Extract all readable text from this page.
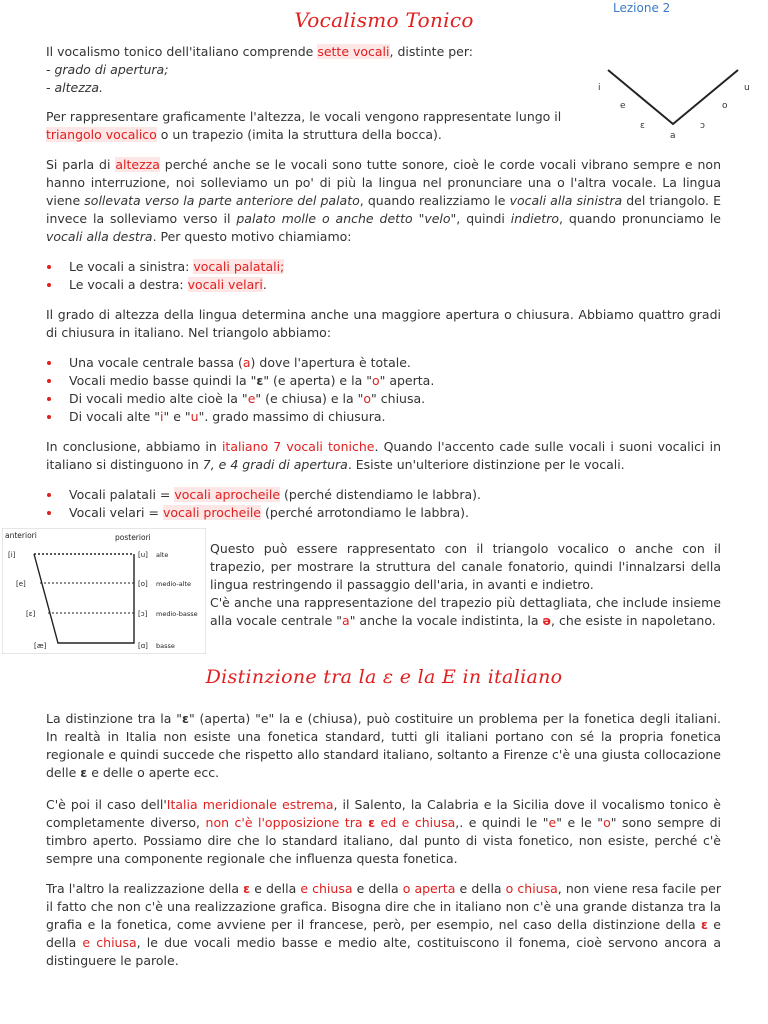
Lezione 2
Vocalismo Tonico
Il vocalismo tonico dell'italiano comprende sette vocali, distinte per:
- grado di apertura;
- altezza.	i
e
ɛ
a
ɔ
o
u
Per rappresentare graficamente l'altezza, le vocali vengono rappresentate lungo il triangolo vocalico o un trapezio (imita la struttura della bocca).
Si parla di altezza perché anche se le vocali sono tutte sonore, cioè le corde vocali vibrano sempre e non hanno interruzione, noi solleviamo un po' di più la lingua nel pronunciare una o l'altra vocale. La lingua viene sollevata verso la parte anteriore del palato, quando realizziamo le vocali alla sinistra del triangolo. E invece la solleviamo verso il palato molle o anche detto "velo", quindi indietro, quando pronunciamo le vocali alla destra. Per questo motivo chiamiamo:
Le vocali a sinistra: vocali palatali;
Le vocali a destra: vocali velari.
Il grado di altezza della lingua determina anche una maggiore apertura o chiusura. Abbiamo quattro gradi di chiusura in italiano. Nel triangolo abbiamo:
Una vocale centrale bassa (a) dove l'apertura è totale.
Vocali medio basse quindi la "ɛ" (e aperta) e la "o" aperta.
Di vocali medio alte cioè la "e" (e chiusa) e la "o" chiusa.
Di vocali alte "i" e "u". grado massimo di chiusura.
In conclusione, abbiamo in italiano 7 vocali toniche. Quando l'accento cade sulle vocali i suoni vocalici in italiano si distinguono in 7, e 4 gradi di apertura. Esiste un'ulteriore distinzione per le vocali.
Vocali palatali = vocali aprocheile (perché distendiamo le labbra).
Vocali velari = vocali procheile (perché arrotondiamo le labbra).
anteriori	posteriori
[i]
[e]
[ɛ]
[æ]
[u]
[o]
[ɔ]
[ɑ]
alte
medio-alte
medio-basse
basse
Questo può essere rappresentato con il triangolo vocalico o anche con il trapezio, per mostrare la struttura del canale fonatorio, quindi l'innalzarsi della lingua restringendo il passaggio dell'aria, in avanti e indietro.
C'è anche una rappresentazione del trapezio più dettagliata, che include insieme alla vocale centrale "a" anche la vocale indistinta, la ə, che esiste in napoletano.
Distinzione tra la ɛ e la E in italiano
La distinzione tra la "ɛ" (aperta) "e" la e (chiusa), può costituire un problema per la fonetica degli italiani. In realtà in Italia non esiste una fonetica standard, tutti gli italiani portano con sé la propria fonetica regionale e quindi succede che rispetto allo standard italiano, soltanto a Firenze c'è una giusta collocazione delle ɛ e delle o aperte ecc.
C'è poi il caso dell'Italia meridionale estrema, il Salento, la Calabria e la Sicilia dove il vocalismo tonico è completamente diverso, non c'è l'opposizione tra ɛ ed e chiusa,. e quindi le "e" e le "o" sono sempre di timbro aperto. Possiamo dire che lo standard italiano, dal punto di vista fonetico, non esiste, perché c'è sempre una componente regionale che influenza questa fonetica.
Tra l'altro la realizzazione della ɛ e della e chiusa e della o aperta e della o chiusa, non viene resa facile per il fatto che non c'è una realizzazione grafica. Bisogna dire che in italiano non c'è una grande distanza tra la grafia e la fonetica, come avviene per il francese, però, per esempio, nel caso della distinzione della ɛ e della e chiusa, le due vocali medio basse e medio alte, costituiscono il fonema, cioè servono ancora a distinguere le parole.
